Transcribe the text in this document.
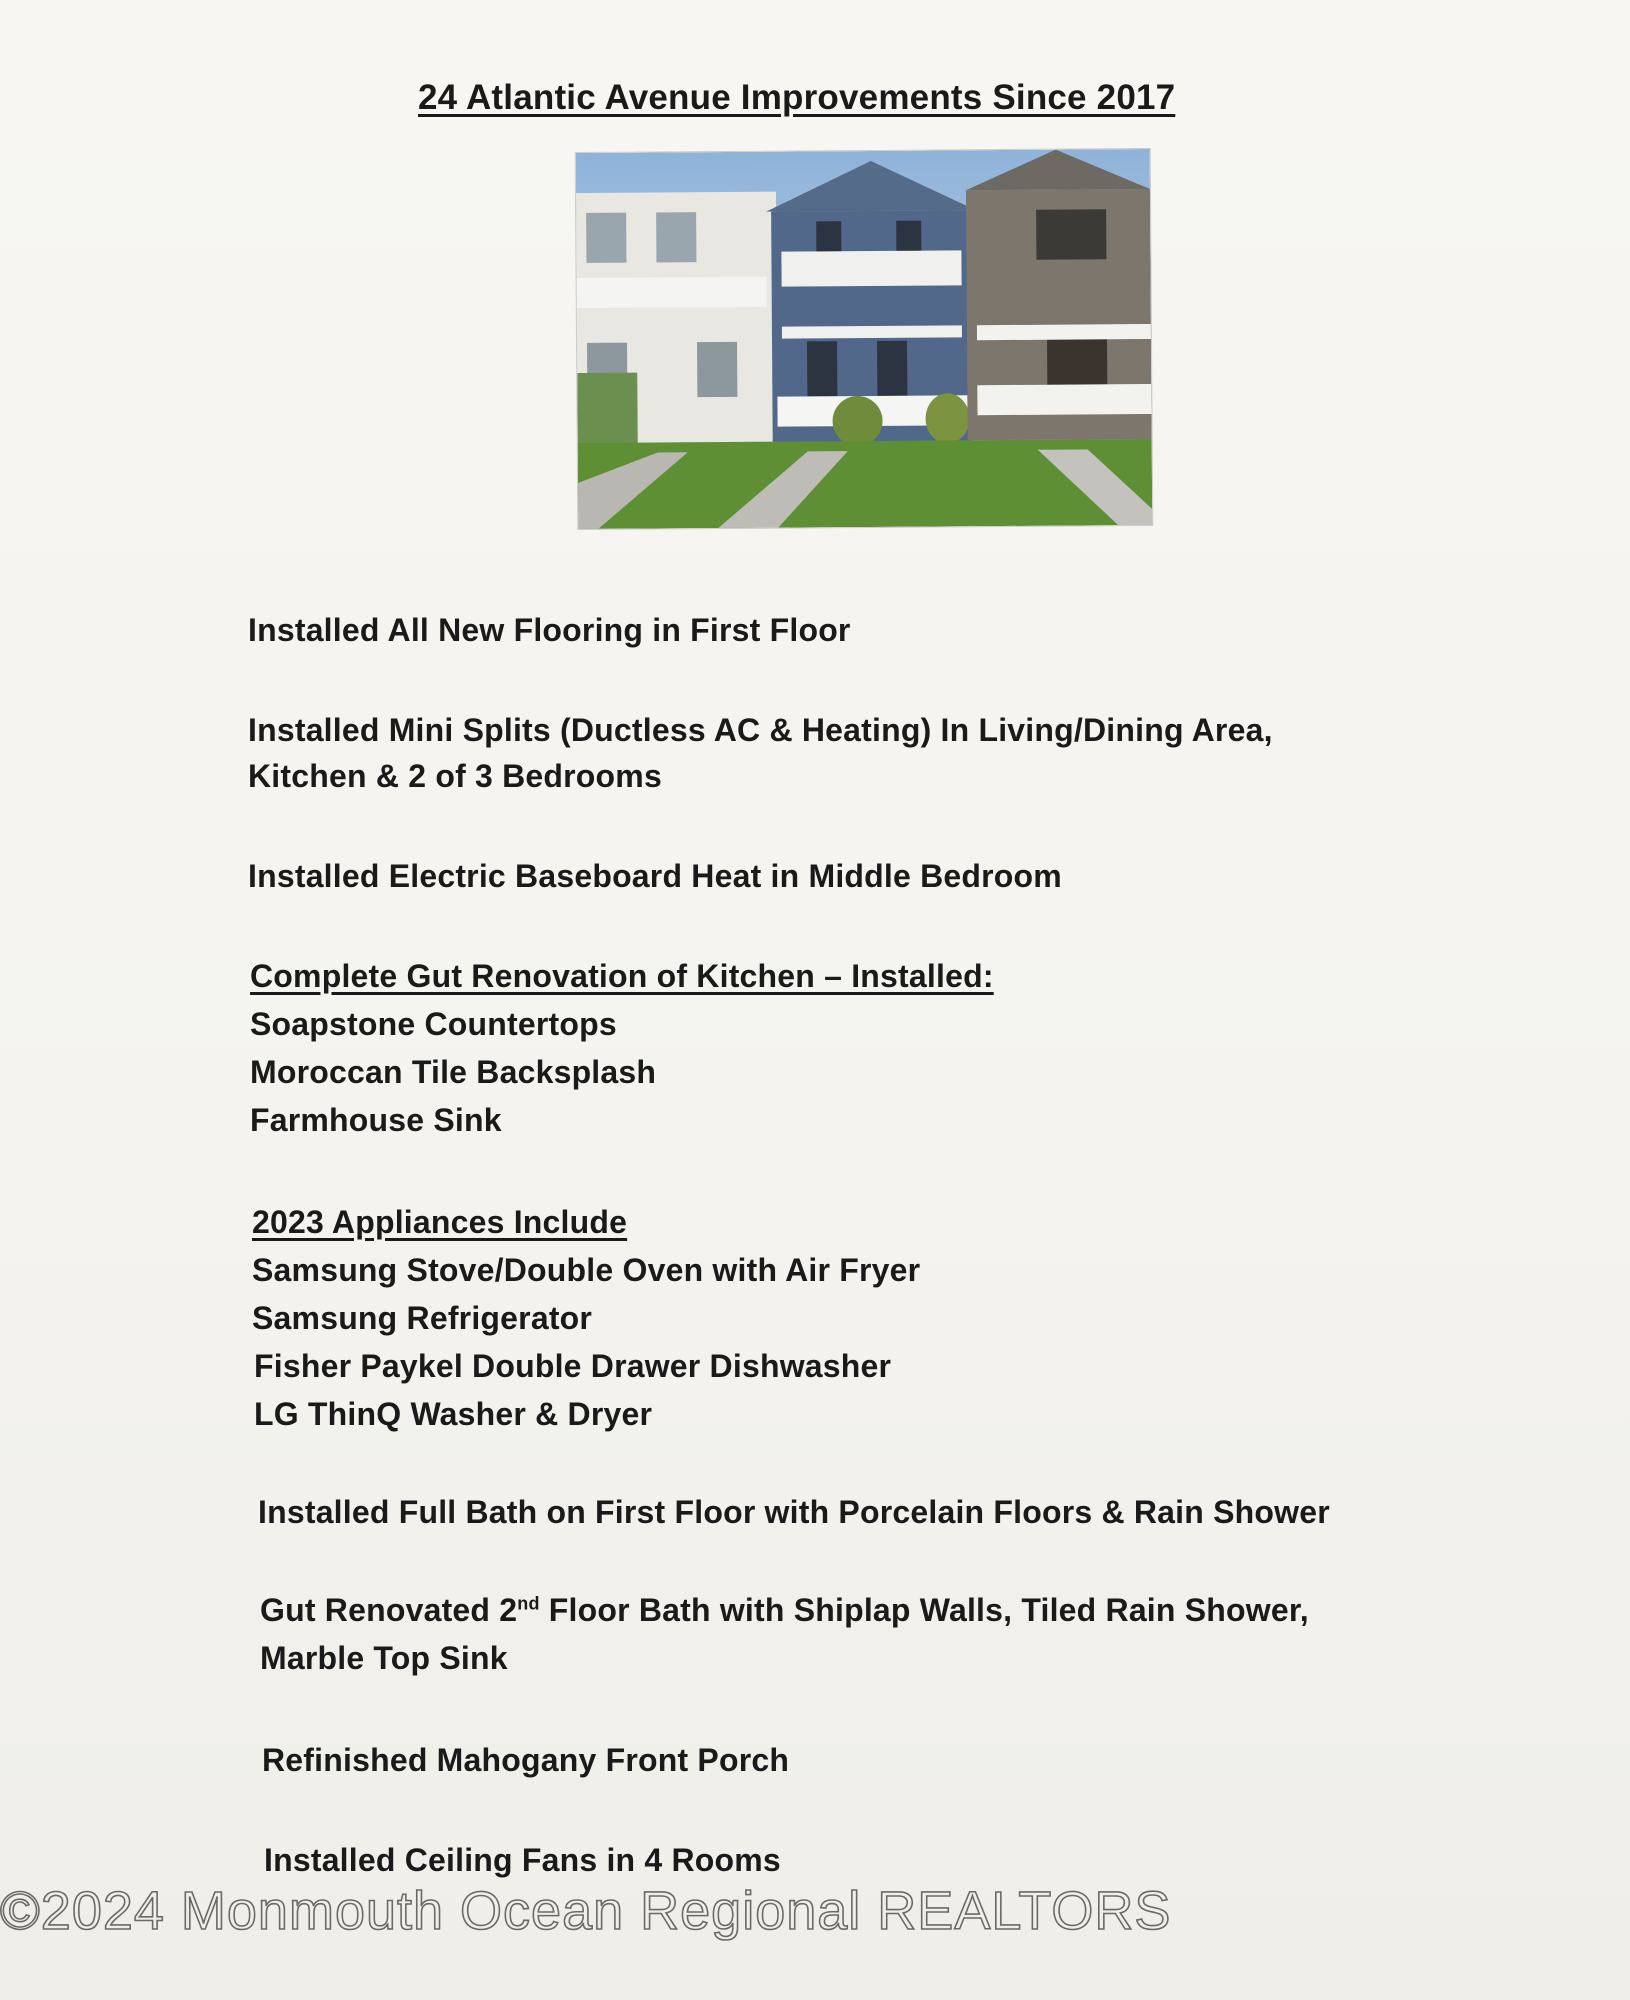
24 Atlantic Avenue Improvements Since 2017
Installed All New Flooring in First Floor
Installed Mini Splits (Ductless AC & Heating) In Living/Dining Area,
Kitchen & 2 of 3 Bedrooms
Installed Electric Baseboard Heat in Middle Bedroom
Complete Gut Renovation of Kitchen – Installed:
Soapstone Countertops
Moroccan Tile Backsplash
Farmhouse Sink
2023 Appliances Include
Samsung Stove/Double Oven with Air Fryer
Samsung Refrigerator
Fisher Paykel Double Drawer Dishwasher
LG ThinQ Washer & Dryer
Installed Full Bath on First Floor with Porcelain Floors & Rain Shower
Gut Renovated 2nd Floor Bath with Shiplap Walls, Tiled Rain Shower,
Marble Top Sink
Refinished Mahogany Front Porch
Installed Ceiling Fans in 4 Rooms
©2024 Monmouth Ocean Regional REALTORS
